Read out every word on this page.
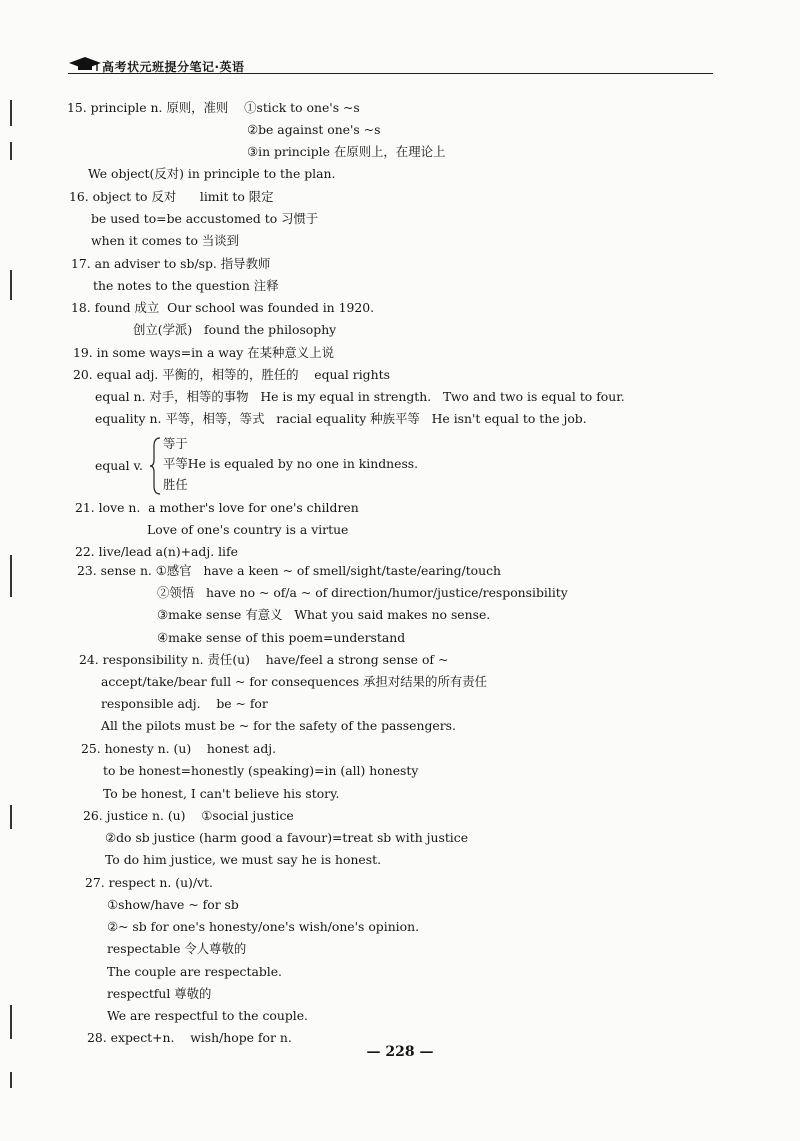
高考状元班提分笔记·英语
15. principle n. 原则，准则    ①stick to one's ~s
②be against one's ~s
③in principle 在原则上，在理论上
We object(反对) in principle to the plan.
16. object to 反对      limit to 限定
be used to=be accustomed to 习惯于
when it comes to 当谈到
17. an adviser to sb/sp. 指导教师
the notes to the question 注释
18. found 成立  Our school was founded in 1920.
创立(学派)   found the philosophy
19. in some ways=in a way 在某种意义上说
20. equal adj. 平衡的，相等的，胜任的    equal rights
equal n. 对手，相等的事物   He is my equal in strength.   Two and two is equal to four.
equality n. 平等，相等，等式   racial equality 种族平等   He isn't equal to the job.
等于
equal v. 平等He is equaled by no one in kindness.
胜任
21. love n.  a mother's love for one's children
Love of one's country is a virtue
22. live/lead a(n)+adj. life
23. sense n. ①感官   have a keen ~ of smell/sight/taste/earing/touch
②领悟   have no ~ of/a ~ of direction/humor/justice/responsibility
③make sense 有意义   What you said makes no sense.
④make sense of this poem=understand
24. responsibility n. 责任(u)    have/feel a strong sense of ~
accept/take/bear full ~ for consequences 承担对结果的所有责任
responsible adj.    be ~ for
All the pilots must be ~ for the safety of the passengers.
25. honesty n. (u)    honest adj.
to be honest=honestly (speaking)=in (all) honesty
To be honest, I can't believe his story.
26. justice n. (u)    ①social justice
②do sb justice (harm good a favour)=treat sb with justice
To do him justice, we must say he is honest.
27. respect n. (u)/vt.
①show/have ~ for sb
②~ sb for one's honesty/one's wish/one's opinion.
respectable 令人尊敬的
The couple are respectable.
respectful 尊敬的
We are respectful to the couple.
28. expect+n.    wish/hope for n.
— 228 —
